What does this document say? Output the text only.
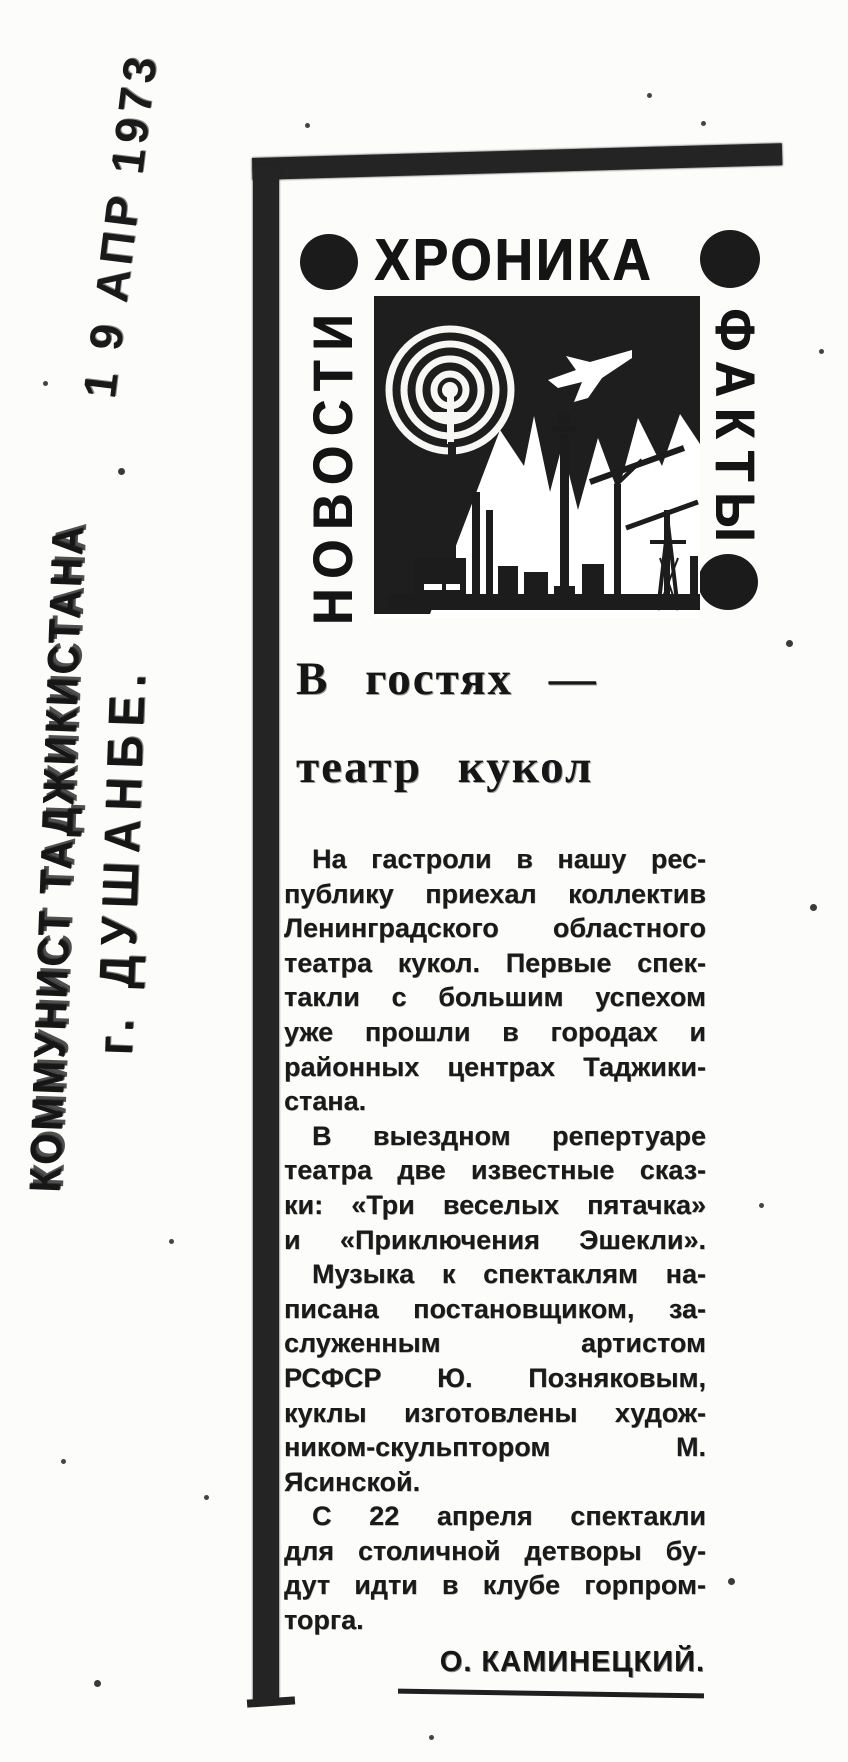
1 9 АПР 1973
КОММУНИСТ ТАДЖИКИСТАНА
г. ДУШАНБЕ.
ХРОНИКА
НОВОСТИ	ФАКТЫ
В гостях —
театр кукол
На гастроли в нашу рес-
публику приехал коллектив
Ленинградского областного
театра кукол. Первые спек-
такли с большим успехом
уже прошли в городах и
районных центрах Таджики-
стана.
В выездном репертуаре
театра две известные сказ-
ки: «Три веселых пятачка»
и «Приключения Эшекли».
Музыка к спектаклям на-
писана постановщиком, за-
служенным артистом
РСФСР Ю. Позняковым,
куклы изготовлены худож-
ником-скульптором М.
Ясинской.
С 22 апреля спектакли
для столичной детворы бу-
дут идти в клубе горпром-
торга.
О. КАМИНЕЦКИЙ.
